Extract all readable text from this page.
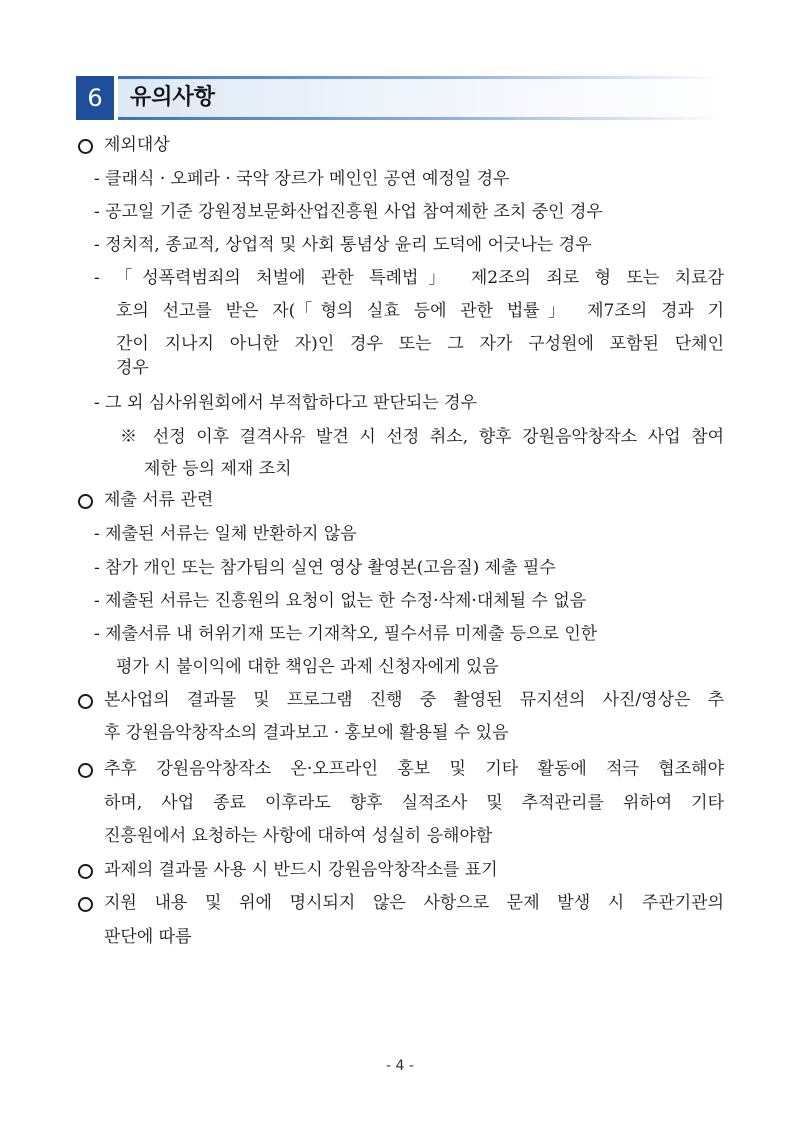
6	유의사항
제외대상
- 클래식 · 오페라 · 국악 장르가 메인인 공연 예정일 경우
- 공고일 기준 강원정보문화산업진흥원 사업 참여제한 조치 중인 경우
- 정치적, 종교적, 상업적 및 사회 통념상 윤리 도덕에 어긋나는 경우
- 「성폭력범죄의 처벌에 관한 특례법」 제2조의 죄로 형 또는 치료감
호의 선고를 받은 자(「형의 실효 등에 관한 법률」 제7조의 경과 기
간이 지나지 아니한 자)인 경우 또는 그 자가 구성원에 포함된 단체인
경우
- 그 외 심사위원회에서 부적합하다고 판단되는 경우
※ 선정 이후 결격사유 발견 시 선정 취소, 향후 강원음악창작소 사업 참여
제한 등의 제재 조치
제출 서류 관련
- 제출된 서류는 일체 반환하지 않음
- 참가 개인 또는 참가팀의 실연 영상 촬영본(고음질) 제출 필수
- 제출된 서류는 진흥원의 요청이 없는 한 수정·삭제·대체될 수 없음
- 제출서류 내 허위기재 또는 기재착오, 필수서류 미제출 등으로 인한
평가 시 불이익에 대한 책임은 과제 신청자에게 있음
본사업의 결과물 및 프로그램 진행 중 촬영된 뮤지션의 사진/영상은 추
후 강원음악창작소의 결과보고 · 홍보에 활용될 수 있음
추후 강원음악창작소 온·오프라인 홍보 및 기타 활동에 적극 협조해야
하며, 사업 종료 이후라도 향후 실적조사 및 추적관리를 위하여 기타
진흥원에서 요청하는 사항에 대하여 성실히 응해야함
과제의 결과물 사용 시 반드시 강원음악창작소를 표기
지원 내용 및 위에 명시되지 않은 사항으로 문제 발생 시 주관기관의
판단에 따름
- 4 -
